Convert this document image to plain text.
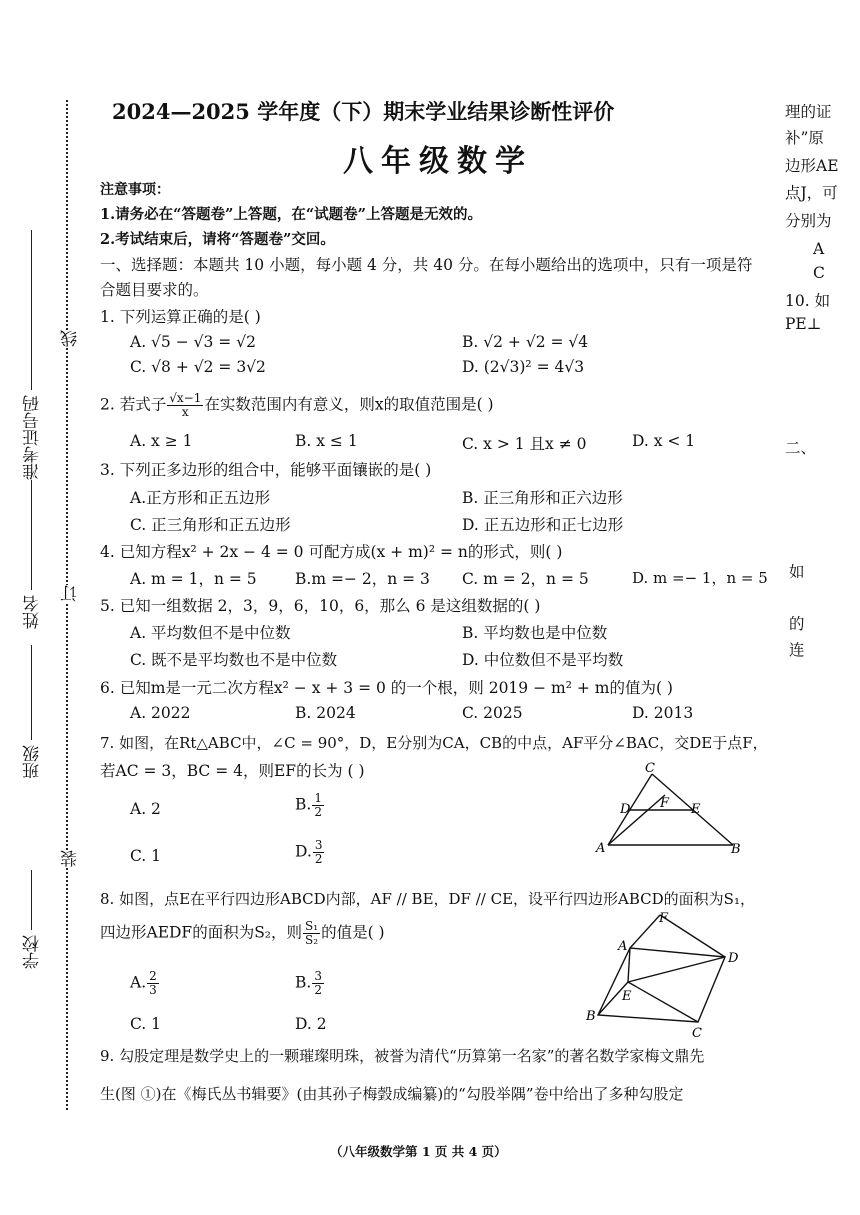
学校
班级
姓名
准考证号码
线
订
装
2024—2025 学年度（下）期末学业结果诊断性评价
八年级数学
注意事项：
1.请务必在“答题卷”上答题，在“试题卷”上答题是无效的。
2.考试结束后，请将“答题卷”交回。
一、选择题：本题共 10 小题，每小题 4 分，共 40 分。在每小题给出的选项中，只有一项是符
合题目要求的。
1. 下列运算正确的是( )
A. √5 − √3 = √2	B. √2 + √2 = √4
C. √8 + √2 = 3√2	D. (2√3)² = 4√3
2. 若式子 $\frac{√x-1}{x}$ 在实数范围内有意义，则x的取值范围是( )
A. x ≥ 1	B. x ≤ 1	C. x > 1 且x ≠ 0	D. x < 1
3. 下列正多边形的组合中，能够平面镶嵌的是( )
A.正方形和正五边形	B. 正三角形和正六边形
C. 正三角形和正五边形	D. 正五边形和正七边形
4. 已知方程x² + 2x − 4 = 0 可配方成(x + m)² = n的形式，则( )
A. m = 1，n = 5 B.m =− 2，n = 3 C. m = 2，n = 5	D. m =− 1，n = 5
5. 已知一组数据 2，3，9，6，10，6，那么 6 是这组数据的( )
A. 平均数但不是中位数	B. 平均数也是中位数
C. 既不是平均数也不是中位数	D. 中位数但不是平均数
6. 已知m是一元二次方程x² − x + 3 = 0 的一个根，则 2019 − m² + m的值为( )
A. 2022	B. 2024	C. 2025	D. 2013
7. 如图，在Rt△ABC中，∠C = 90°，D，E分别为CA，CB的中点，AF平分∠BAC，交DE于点F，
若AC = 3，BC = 4，则EF的长为 ( )
A. 2	B. $\frac{1}{2}$
C. 1	D. $\frac{3}{2}$
C
D F E
A	B
8. 如图，点E在平行四边形ABCD内部，AF // BE，DF // CE，设平行四边形ABCD的面积为S₁，
四边形AEDF的面积为S₂，则 $\frac{\text{S₁}}{\text{S₂}}$ 的值是( )
A. $\frac{2}{3}$	B. $\frac{3}{2}$
C. 1	D. 2
F
A
D
E
B
C
9. 勾股定理是数学史上的一颗璀璨明珠，被誉为清代“历算第一名家”的著名数学家梅文鼎先
生(图 ①)在《梅氏丛书辑要》(由其孙子梅瑴成编纂)的“勾股举隅”卷中给出了多种勾股定
理的证
补”原
边形AE
点J，可
分别为
A
C
10. 如
PE⊥
二、
如
的
连
（八年级数学第 1 页 共 4 页）
